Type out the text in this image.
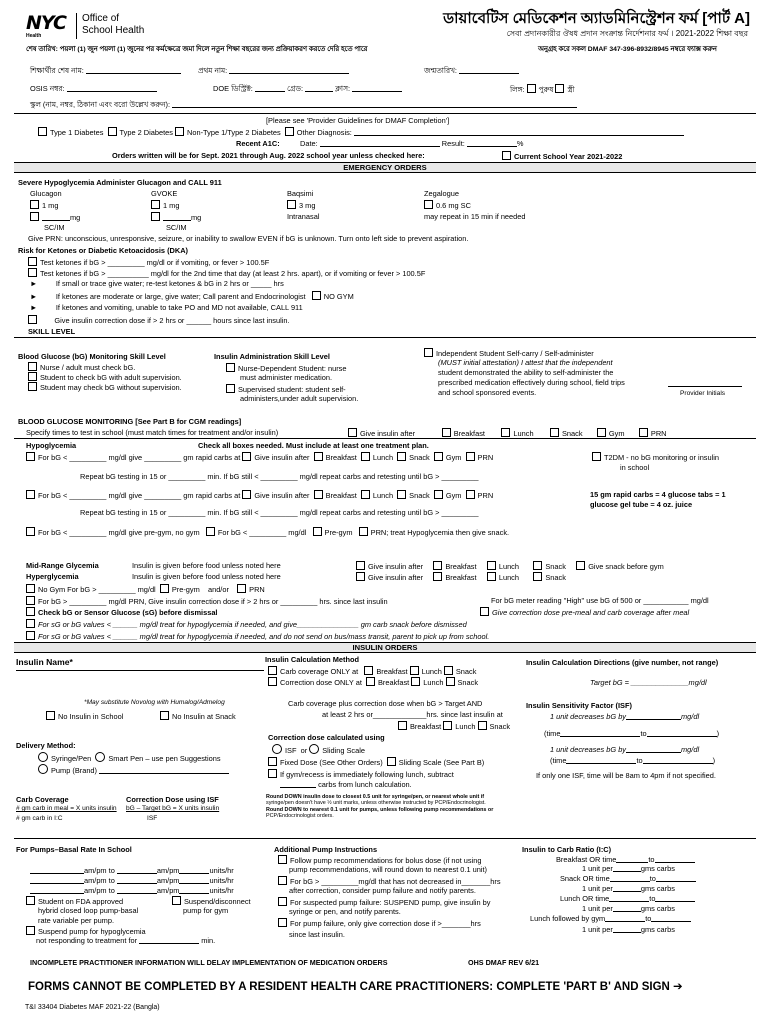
NYC
Health
Office of
School Health
ডায়াবেটিস মেডিকেশন অ্যাডমিনিস্ট্রেশন ফর্ম [পার্ট A]
সেবা প্রদানকারীর ঔষধ প্রদান সংক্রান্ত নির্দেশনার ফর্ম । 2021-2022 শিক্ষা বছর
শেষ তারিখ: পয়লা (1) জুন পয়লা (1) জুনের পর কর্মক্ষেত্রে জমা দিলে নতুন শিক্ষা বছরের জন্য প্রক্রিয়াকরণ করতে দেরি হতে পারে	অনুগ্রহ করে সকল DMAF 347-396-8932/8945 নম্বরে ফ্যাক্স করুন
শিক্ষার্থীর শেষ নাম:	প্রথম নাম:	জন্মতারিখ:
OSIS নম্বর:	DOE ডিস্ট্রিক্ট:	গ্রেড:	ক্লাস:	লিঙ্গ: পুরুষ স্ত্রী
স্কুল (নাম, নম্বর, ঠিকানা এবং বরো উল্লেখ করুন):
[Please see 'Provider Guidelines for DMAF Completion']
Type 1 Diabetes Type 2 Diabetes Non-Type 1/Type 2 Diabetes Other Diagnosis:
Recent A1C:	Date:	Result:	%
Orders written will be for Sept. 2021 through Aug. 2022 school year unless checked here:	Current School Year 2021-2022
EMERGENCY ORDERS
Severe Hypoglycemia Administer Glucagon and CALL 911
Glucagon	GVOKE	Baqsimi	Zegalogue
1 mg	1 mg	3 mg	0.6 mg SC
mg	mg	Intranasal	may repeat in 15 min if needed
SC/IM	SC/IM
Give PRN: unconscious, unresponsive, seizure, or inability to swallow EVEN if bG is unknown. Turn onto left side to prevent aspiration.
Risk for Ketones or Diabetic Ketoacidosis (DKA)
Test ketones if bG > _________ mg/dl or if vomiting, or fever > 100.5F
Test ketones if bG > __________ mg/dl for the 2nd time that day (at least 2 hrs. apart), or if vomiting or fever > 100.5F
► If small or trace give water; re-test ketones & bG in 2 hrs or _____ hrs
► If ketones are moderate or large, give water; Call parent and Endocrinologist NO GYM
► If ketones and vomiting, unable to take PO and MD not available, CALL 911
Give insulin correction dose if > 2 hrs or ______ hours since last insulin.
SKILL LEVEL
Blood Glucose (bG) Monitoring Skill Level
Nurse / adult must check bG.
Student to check bG with adult supervision.
Student may check bG without supervision.
Insulin Administration Skill Level
Nurse-Dependent Student: nurse
must administer medication.
Supervised student: student self-
administers,under adult supervision.
Independent Student Self-carry / Self-administer
(MUST initial attestation) I attest that the independent
student demonstrated the ability to self-administer the
prescribed medication effectively during school, field trips
and school sponsored events.	Provider Initials
BLOOD GLUCOSE MONITORING [See Part B for CGM readings]
Specify times to test in school (must match times for treatment and/or insulin)	Give insulin after	Breakfast	Lunch	Snack	Gym	PRN
Hypoglycemia	Check all boxes needed. Must include at least one treatment plan.
For bG < _________ mg/dl give _________ gm rapid carbs at Give insulin after Breakfast Lunch Snack Gym PRN	T2DM - no bG monitoring or insulin
in school
Repeat bG testing in 15 or _________ min. If bG still < _________ mg/dl repeat carbs and retesting until bG > _________
For bG < _________ mg/dl give _________ gm rapid carbs at Give insulin after Breakfast Lunch Snack Gym PRN	15 gm rapid carbs = 4 glucose tabs = 1
glucose gel tube = 4 oz. juice
Repeat bG testing in 15 or _________ min. If bG still < _________ mg/dl repeat carbs and retesting until bG > _________
For bG < _________ mg/dl give pre-gym, no gym For bG < _________ mg/dl Pre-gym PRN; treat Hypoglycemia then give snack.
Mid-Range Glycemia
Hyperglycemia
Insulin is given before food unless noted here
Insulin is given before food unless noted here
Give insulin after	Breakfast	Lunch	Snack	Give snack before gym
Give insulin after	Breakfast	Lunch	Snack
No Gym For bG > _________ mg/dl Pre-gym and/or	PRN
For bG > _________ mg/dl PRN, Give insulin correction dose if > 2 hrs or _________ hrs. since last insulin	For bG meter reading "High" use bG of 500 or ___________ mg/dl
Check bG or Sensor Glucose (sG) before dismissal	Give correction dose pre-meal and carb coverage after meal
For sG or bG values < ______ mg/dl treat for hypoglycemia if needed, and give_______________ gm carb snack before dismissed
For sG or bG values < ______ mg/dl treat for hypoglycemia if needed, and do not send on bus/mass transit, parent to pick up from school.
INSULIN ORDERS
Insulin Name*	Insulin Calculation Method
Carb coverage ONLY at Breakfast Lunch Snack
Correction dose ONLY at Breakfast Lunch Snack
Insulin Calculation Directions (give number, not range)
Target bG = ______________mg/dl
*May substitute Novolog with Humalog/Admelog
No Insulin in School	No Insulin at Snack
Carb coverage plus correction dose when bG > Target AND
at least 2 hrs or_____________hrs. since last insulin at
Breakfast Lunch Snack
Insulin Sensitivity Factor (ISF)
1 unit decreases bG by	mg/dl
(time	to	)
1 unit decreases bG by	mg/dl
(time	to	)
If only one ISF, time will be 8am to 4pm if not specified.
Delivery Method:
Syringe/Pen Smart Pen – use pen Suggestions
Pump (Brand)
Correction dose calculated using
ISF or Sliding Scale
Fixed Dose (See Other Orders) Sliding Scale (See Part B)
If gym/recess is immediately following lunch, subtract
carbs from lunch calculation.
Carb Coverage
# gm carb in meal = X units insulin
# gm carb in I:C
Correction Dose using ISF
bG – Target bG = X units insulin
ISF
Round DOWN insulin dose to closest 0.5 unit for syringe/pen, or nearest whole unit if
syringe/pen doesn't have ½ unit marks, unless otherwise instructed by PCP/Endocrinologist.
Round DOWN to nearest 0.1 unit for pumps, unless following pump recommendations or
PCP/Endocrinologist orders.
For Pumps–Basal Rate In School
am/pm to	am/pm	units/hr
am/pm to	am/pm	units/hr
am/pm to	am/pm	units/hr
Student on FDA approved
hybrid closed loop pump-basal
rate variable per pump.
Suspend/disconnect
pump for gym
Suspend pump for hypoglycemia
not responding to treatment for	min.
Additional Pump Instructions
Follow pump recommendations for bolus dose (if not using
pump recommendations, will round down to nearest 0.1 unit)
For bG > _________mg/dl that has not decreased in_______hrs
after correction, consider pump failure and notify parents.
For suspected pump failure: SUSPEND pump, give insulin by
syringe or pen, and notify parents.
For pump failure, only give correction dose if >_______hrs
since last insulin.
Insulin to Carb Ratio (I:C)
Breakfast OR time	to
1 unit per	gms carbs
Snack OR time	to
1 unit per	gms carbs
Lunch OR time	to
1 unit per	gms carbs
Lunch followed by gym	to
1 unit per	gms carbs
INCOMPLETE PRACTITIONER INFORMATION WILL DELAY IMPLEMENTATION OF MEDICATION ORDERS	OHS DMAF REV 6/21
FORMS CANNOT BE COMPLETED BY A RESIDENT HEALTH CARE PRACTITIONERS: COMPLETE 'PART B' AND SIGN ➔
T&I 33404 Diabetes MAF 2021-22 (Bangla)
